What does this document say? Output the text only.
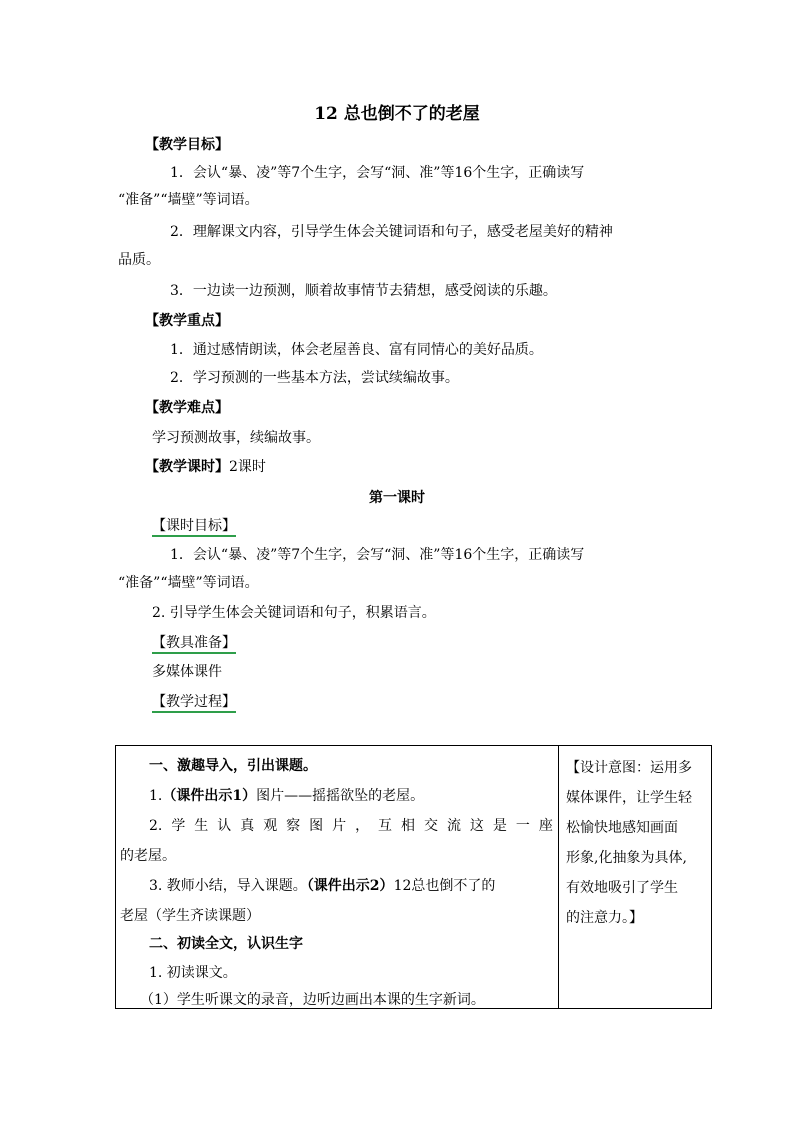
12 总也倒不了的老屋
【教学目标】
1．会认“暴、凌”等7个生字，会写“洞、准”等16个生字，正确读写
“准备”“墙壁”等词语。
2．理解课文内容，引导学生体会关键词语和句子，感受老屋美好的精神
品质。
3．一边读一边预测，顺着故事情节去猜想，感受阅读的乐趣。
【教学重点】
1．通过感情朗读，体会老屋善良、富有同情心的美好品质。
2．学习预测的一些基本方法，尝试续编故事。
【教学难点】
学习预测故事，续编故事。
【教学课时】2课时
第一课时
【课时目标】
1．会认“暴、凌”等7个生字，会写“洞、准”等16个生字，正确读写
“准备”“墙壁”等词语。
2. 引导学生体会关键词语和句子，积累语言。
【教具准备】
多媒体课件
【教学过程】
一、激趣导入，引出课题。
1.（课件出示1）图片——摇摇欲坠的老屋。
2. 学 生 认 真 观 察 图 片 ， 互 相 交 流 这 是 一 座
的老屋。
3. 教师小结，导入课题。（课件出示2）12总也倒不了的
老屋（学生齐读课题）
二、初读全文，认识生字
1. 初读课文。
（1）学生听课文的录音，边听边画出本课的生字新词。
【设计意图：运用多
媒体课件，让学生轻
松愉快地感知画面
形象,化抽象为具体,
有效地吸引了学生
的注意力。】
